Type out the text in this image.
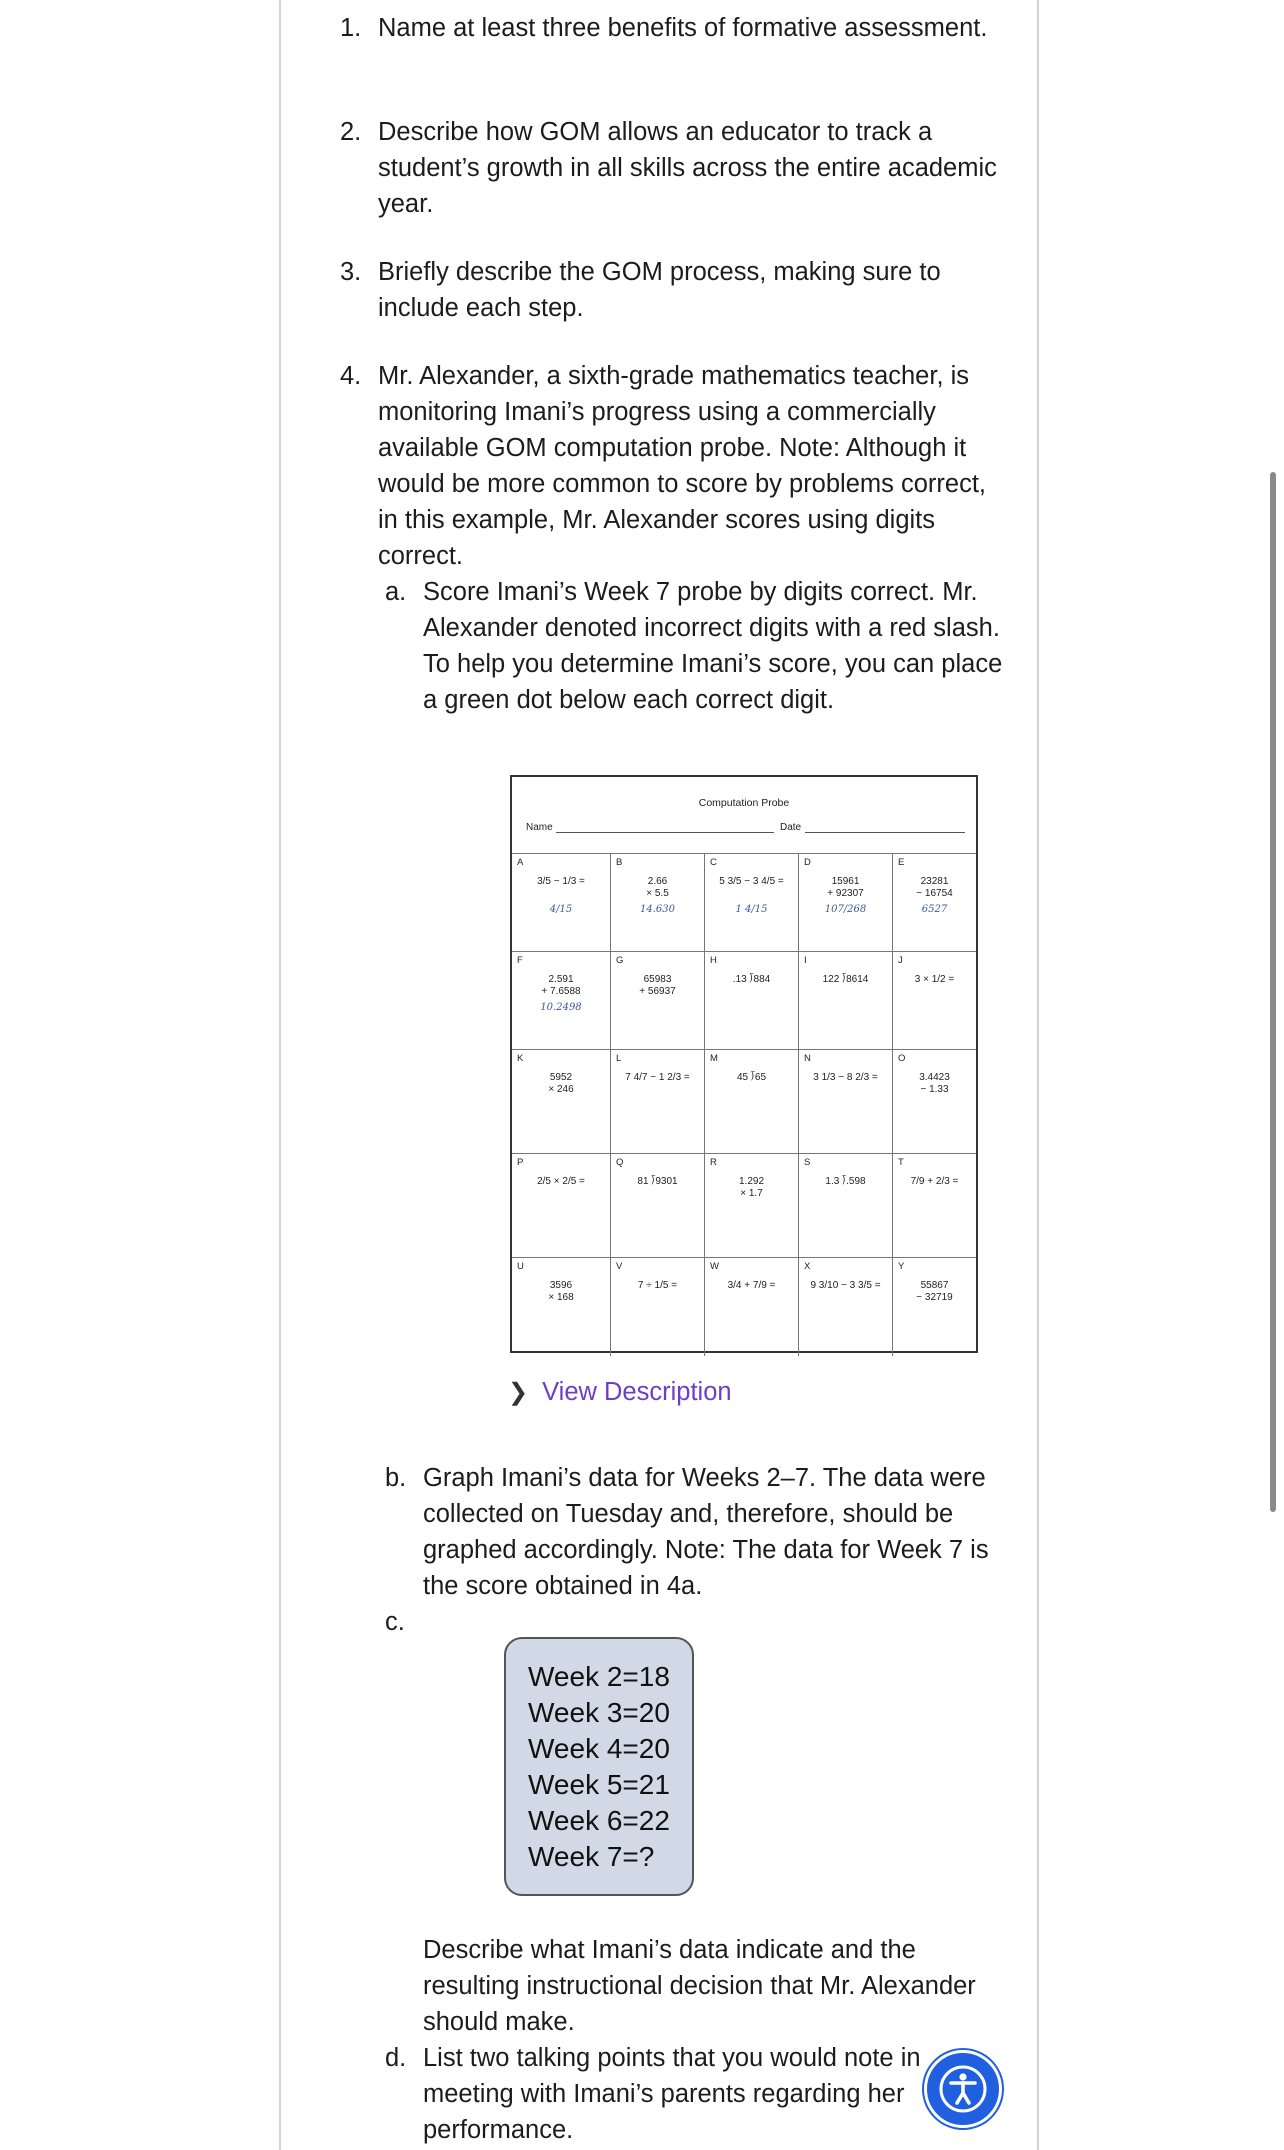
1. Name at least three benefits of formative assessment.
2. Describe how GOM allows an educator to track a student’s growth in all skills across the entire academic year.
3. Briefly describe the GOM process, making sure to include each step.
4. Mr. Alexander, a sixth-grade mathematics teacher, is monitoring Imani’s progress using a commercially available GOM computation probe. Note: Although it would be more common to score by problems correct, in this example, Mr. Alexander scores using digits correct.
a. Score Imani’s Week 7 probe by digits correct. Mr. Alexander denoted incorrect digits with a red slash. To help you determine Imani’s score, you can place a green dot below each correct digit.
Computation Probe
Name	Date
A
3/5 − 1/3 =
4/15
B
2.66
× 5.5
14.630
C
5 3/5 − 3 4/5 =
1 4/15
D
15961
+ 92307
107/268
E
23281
− 16754
6527
F
2.591
+ 7.6588
10.2498
G
65983
+ 56937
H
.13 ⟌884
I
122 ⟌8614
J
3 × 1/2 =
K
5952
× 246
L
7 4/7 − 1 2/3 =
M
45 ⟌65
N
3 1/3 − 8 2/3 =
O
3.4423
− 1.33
P
2/5 × 2/5 =
Q
81 ⟌9301
R
1.292
× 1.7
S
1.3 ⟌.598
T
7/9 + 2/3 =
U
3596
× 168
V
7 ÷ 1/5 =
W
3/4 + 7/9 =
X
9 3/10 − 3 3/5 =
Y
55867
− 32719
❯ View Description
b. Graph Imani’s data for Weeks 2–7. The data were collected on Tuesday and, therefore, should be graphed accordingly. Note: The data for Week 7 is the score obtained in 4a.
c.
Week 2=18
Week 3=20
Week 4=20
Week 5=21
Week 6=22
Week 7=?
Describe what Imani’s data indicate and the resulting instructional decision that Mr. Alexander should make.
d. List two talking points that you would note in meeting with Imani’s parents regarding her performance.
